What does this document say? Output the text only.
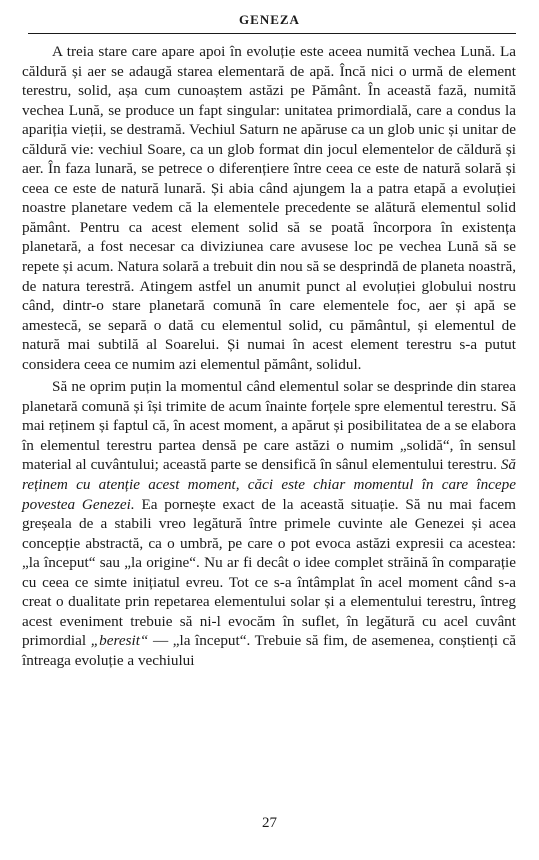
GENEZA

A treia stare care apare apoi în evoluție este aceea numită vechea Lună. La căldură și aer se adaugă starea elementară de apă. Încă nici o urmă de element terestru, solid, așa cum cunoaștem astăzi pe Pământ. În această fază, numită vechea Lună, se produce un fapt singular: unitatea primordială, care a condus la apariția vieții, se destramă. Vechiul Saturn ne apăruse ca un glob unic și unitar de căldură vie: vechiul Soare, ca un glob format din jocul elementelor de căldură și aer. În faza lunară, se petrece o diferențiere între ceea ce este de natură solară și ceea ce este de natură lunară. Și abia când ajungem la a patra etapă a evoluției noastre planetare vedem că la elementele precedente se alătură elementul solid pământ. Pentru ca acest element solid să se poată încorpora în existența planetară, a fost necesar ca diviziunea care avusese loc pe vechea Lună să se repete și acum. Natura solară a trebuit din nou să se desprindă de planeta noastră, de natura terestră. Atingem astfel un anumit punct al evoluției globului nostru când, dintr-o stare planetară comună în care elementele foc, aer și apă se amestecă, se separă o dată cu elementul solid, cu pământul, și elementul de natură mai subtilă al Soarelui. Și numai în acest element terestru s-a putut considera ceea ce numim azi elementul pământ, solidul.

Să ne oprim puțin la momentul când elementul solar se desprinde din starea planetară comună și își trimite de acum înainte forțele spre elementul terestru. Să mai reținem și faptul că, în acest moment, a apărut și posibilitatea de a se elabora în elementul terestru partea densă pe care astăzi o numim „solidă“, în sensul material al cuvântului; această parte se densifică în sânul elementului terestru. Să reținem cu atenție acest moment, căci este chiar momentul în care începe povestea Genezei. Ea pornește exact de la această situație. Să nu mai facem greșeala de a stabili vreo legătură între primele cuvinte ale Genezei și acea concepție abstractă, ca o umbră, pe care o pot evoca astăzi expresii ca acestea: „la început“ sau „la origine“. Nu ar fi decât o idee complet străină în comparație cu ceea ce simte inițiatul evreu. Tot ce s-a întâmplat în acel moment când s-a creat o dualitate prin repetarea elementului solar și a elementului terestru, întreg acest eveniment trebuie să ni-l evocăm în suflet, în legătură cu acel cuvânt primordial „beresit“ — „la început“. Trebuie să fim, de asemenea, conștienți că întreaga evoluție a vechiului

27
